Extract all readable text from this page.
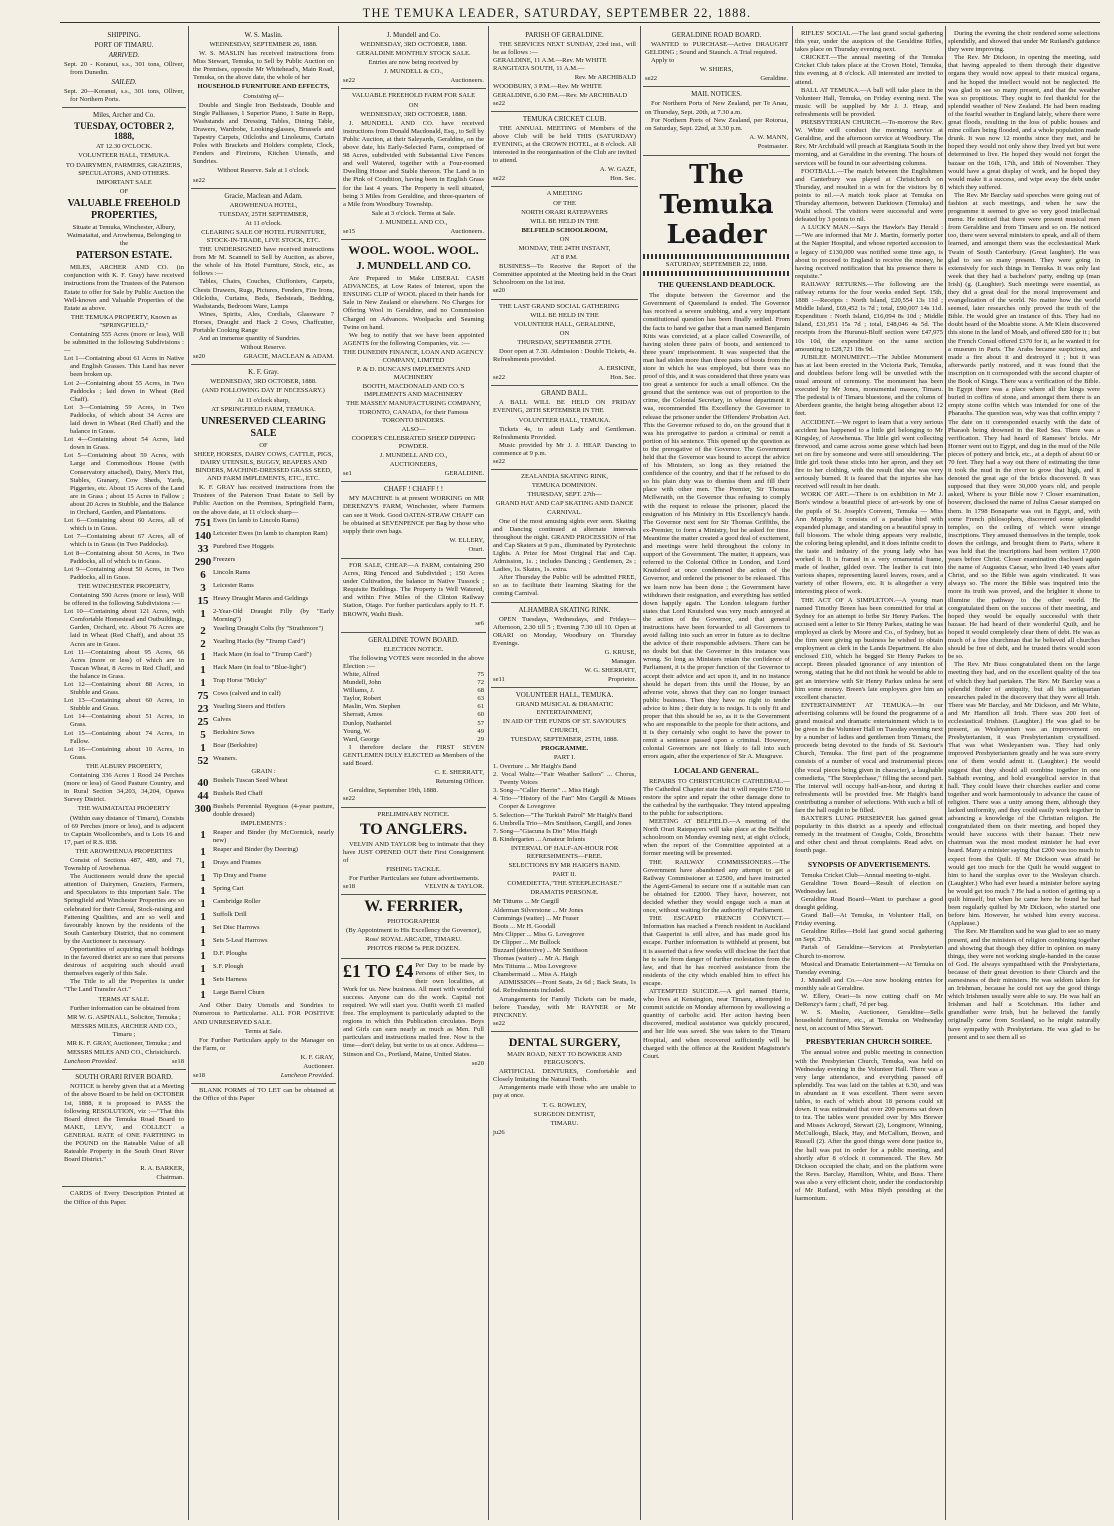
THE TEMUKA LEADER, SATURDAY, SEPTEMBER 22, 1888.
SHIPPING.
PORT OF TIMARU.
ARRIVED.

Sept. 20 - Koranui, s.s., 301 tons, Olliver, from Dunedin.

SAILED.

Sept. 20—Koranui, s.s., 301 tons, Olliver, for Northern Ports.

Miles, Archer and Co.
TUESDAY, OCTOBER 2, 1888,
AT 12.30 O'CLOCK.
VOLUNTEER HALL, TEMUKA.
TO DAIRYMEN, FARMERS, GRAZIERS, SPECULATORS, AND OTHERS.
IMPORTANT SALE
OF
VALUABLE FREEHOLD PROPERTIES,
Situate at Temuka, Winchester, Albury, Waimataitai, and Arowhenua, Belonging to the
PATERSON ESTATE.

MILES, ARCHER AND CO. (in conjunction with K. F. Gray) have received instructions from the Trustees of the Paterson Estate to offer for Sale by Public Auction the Well-known and Valuable Properties of the Estate as above.

THE TEMUKA PROPERTY, Known as "SPRINGFIELD,"

Containing 555 Acres (more or less), Will be submitted in the following Subdivisions :—

Lot 1—Containing about 61 Acres in Native and English Grasses. This Land has never been broken up.

Lot 2—Containing about 55 Acres, in Two Paddocks ; laid down in Wheat (Red Chaff).

Lot 3—Containing 59 Acres, in Two Paddocks, of which about 34 Acres are laid down in Wheat (Red Chaff) and the balance in Grass.

Lot 4—Containing about 54 Acres, laid down in Grass.

Lot 5—Containing about 59 Acres, with Large and Commodious House (with Conservatory attached), Dairy, Men's Hut, Stables, Granary, Cow Sheds, Yards, Piggeries, etc. About 15 Acres of the Land are in Grass ; about 15 Acres in Fallow ; about 20 Acres in Stubble, and the Balance in Orchard, Garden, and Plantations.

Lot 6—Containing about 60 Acres, all of which is in Grass.

Lot 7—Containing about 67 Acres, all of which is in Grass (in Two Paddocks).

Lot 8—Containing about 50 Acres, in Two Paddocks, all of which is in Grass.

Lot 9—Containing about 50 Acres, in Two Paddocks, all in Grass.

THE WINCHESTER PROPERTY,

Containing 590 Acres (more or less), Will be offered in the following Subdivisions :—

Lot 10—Containing about 121 Acres, with Comfortable Homestead and Outbuildings, Garden, Orchard, etc. About 76 Acres are laid in Wheat (Red Chaff), and about 35 Acres are in Grass.

Lot 11—Containing about 95 Acres, 66 Acres (more or less) of which are in Tuscan Wheat, 8 Acres in Red Chaff, and the balance in Grass.

Lot 12—Containing about 88 Acres, in Stubble and Grass.

Lot 13—Containing about 60 Acres, in Stubble and Grass.

Lot 14—Containing about 51 Acres, in Grass.

Lot 15—Containing about 74 Acres, in Fallow.

Lot 16—Containing about 10 Acres, in Grass.

THE ALBURY PROPERTY,

Containing 336 Acres 1 Rood 24 Perches (more or less) of Good Pasture Country, and in Rural Section 34,203, 34,204, Opawa Survey District.

THE WAIMATAITAI PROPERTY

(Within easy distance of Timaru), Consists of 69 Perches (more or less), and is adjacent to Captain Woollcombe's, and is Lots 16 and 17, part of R.S. 838.

THE AROWHENUA PROPERTIES

Consist of Sections 487, 489, and 71, Township of Arowhenua.

The Auctioneers would draw the special attention of Dairymen, Graziers, Farmers, and Speculators to this important Sale. The Springfield and Winchester Properties are so celebrated for their Cereal, Stock-raising and Fattening Qualities, and are so well and favourably known by the residents of the South Canterbury District, that no comment by the Auctioneer is necessary.

Opportunities of acquiring small holdings in the favored district are so rare that persons desirous of acquiring such should avail themselves eagerly of this Sale.

The Title to all the Properties is under "The Land Transfer Act."

TERMS AT SALE.

Further information can be obtained from

MR W. G. ASPINALL, Solicitor, Temuka ;
MESSRS MILES, ARCHER AND CO., Timaru ;
MR K. F. GRAY, Auctioneer, Temuka ; and
MESSRS MILES AND CO., Christchurch.
Luncheon Provided.	se18
SOUTH ORARI RIVER BOARD.

NOTICE is hereby given that at a Meeting of the above Board to be held on OCTOBER 1st, 1888, it is proposed to PASS the following RESOLUTION, viz :—"That this Board direct the Temuka Road Board to MAKE, LEVY, and COLLECT a GENERAL RATE of ONE FARTHING in the POUND on the Rateable Value of all Rateable Property in the South Orari River Board District."

R. A. BARKER,
Chairman.

CARDS of Every Description Printed at the Office of this Paper.

W. S. Maslin.
WEDNESDAY, SEPTEMBER 26, 1888.

W. S. MASLIN has received instructions from Miss Stewart, Temuka, to Sell by Public Auction on the Premises, opposite Mr Whitehead's, Main Road, Temuka, on the above date, the whole of her

HOUSEHOLD FURNITURE AND EFFECTS,
Consisting of—

Double and Single Iron Bedsteads, Double and Single Palliasses, 1 Superior Piano, 1 Suite in Repp, Washstands and Dressing Tables, Dining Table, Drawers, Wardrobe, Looking-glasses, Brussels and Tapestry Carpets, Oilcloths and Linoleums, Curtain Poles with Brackets and Holders complete, Clock, Fenders and Fireirons, Kitchen Utensils, and Sundries.

Without Reserve. Sale at 1 o'clock.
se22
Gracie, Maclean and Adam.
AROWHENUA HOTEL,
TUESDAY, 25TH SEPTEMBER,
At 11 o'clock.
CLEARING SALE OF HOTEL FURNITURE, STOCK-IN-TRADE, LIVE STOCK, ETC.

THE UNDERSIGNED have received instructions from Mr M. Scannell to Sell by Auction, as above, the whole of his Hotel Furniture, Stock, etc., as follows :—

Tables, Chairs, Couches, Chiffoniers, Carpets, Chests Drawers, Rugs, Pictures, Fenders, Fire Irons, Oilcloths, Curtains, Beds, Bedsteads, Bedding, Washstands, Bedroom Ware, Lamps

Wines, Spirits, Ales, Cordials, Glassware 7 Horses, Draught and Hack 2 Cows, Chaffcutter, Portable Cooking Range

And an immense quantity of Sundries.

Without Reserve.
se20	GRACIE, MACLEAN & ADAM.
K. F. Gray.
WEDNESDAY, 3RD OCTOBER, 1888.
(AND FOLLOWING DAY IF NECESSARY.)
At 11 o'clock sharp,
AT SPRINGFIELD FARM, TEMUKA.
UNRESERVED CLEARING SALE
OF
SHEEP, HORSES, DAIRY COWS, CATTLE, PIGS, DAIRY UTENSILS, BUGGY, REAPERS AND BINDERS, MACHINE-DRESSED GRASS SEED, AND FARM IMPLEMENTS, ETC., ETC.

K. F. GRAY has received instructions from the Trustees of the Paterson Trust Estate to Sell by Public Auction on the Premises, Springfield Farm, on the above date, at 11 o'clock sharp—

751 Ewes (in lamb to Lincoln Rams)
140 Leicester Ewes (in lamb to champion Ram)
33 Purebred Ewe Hoggets
290 Freezers
6	Lincoln Rams
3	Leicester Rams
15 Heavy Draught Mares and Geldings
1	2-Year-Old Draught Filly (by "Early Morning")
2	Yearling Draught Colts (by "Strathmore")
2	Yearling Hacks (by "Trump Card")
1	Hack Mare (in foal to "Trump Card")
1	Hack Mare (in foal to "Blue-light")
1	Trap Horse "Micky"
75 Cows (calved and in calf)
23 Yearling Steers and Heifers
25 Calves
5	Berkshire Sows
1	Boar (Berkshire)
52 Weaners.
GRAIN :
40 Bushels Tuscan Seed Wheat
44 Bushels Red Chaff
300 Bushels Perennial Ryegrass (4-year pasture, double dressed)
IMPLEMENTS :
1	Reaper and Binder (by McCormick, nearly new)
1	Reaper and Binder (by Deering)
1	Drays and Frames
1	Tip Dray and Frame
1	Spring Cart
1	Cambridge Roller
1	Suffolk Drill
1	Set Disc Harrows
1	Sets 5-Leaf Harrows
1	D.F. Ploughs
1	S.F. Plough
1	Sets Harness
1	Large Barrel Churn

And Other Dairy Utensils and Sundries to Numerous to Particularise. ALL FOR POSITIVE AND UNRESERVED SALE.

Terms at Sale.

For Further Particulars apply to the Manager on the Farm, or

K. F. GRAY,
Auctioneer.
se18	Luncheon Provided.

BLANK FORMS of TO LET can be obtained at the Office of this Paper

J. Mundell and Co.
WEDNESDAY, 3RD OCTOBER, 1888.
GERALDINE MONTHLY STOCK SALE.
Entries are now being received by
J. MUNDELL & CO.,
se22	Auctioneers.
VALUABLE FREEHOLD FARM FOR SALE
ON
WEDNESDAY, 3RD OCTOBER, 1888.

J. MUNDELL AND CO. have received instructions from Donald Macdonald, Esq., to Sell by Public Auction, at their Saleyards, Geraldine, on the above date, his Early-Selected Farm, comprised of 98 Acres, subdivided with Substantial Live Fences and well Watered, together with a Four-roomed Dwelling House and Stable thereon. The Land is in the Pink of Condition, having been in English Grass for the last 4 years. The Property is well situated, being 3 Miles from Geraldine, and three-quarters of a Mile from Woodbury Township.

Sale at 3 o'clock. Terms at Sale.
J. MUNDELL AND CO.,
se15	Auctioneers.
WOOL. WOOL. WOOL.
J. MUNDELL AND CO.

Are Prepared to Make LIBERAL CASH ADVANCES, at Low Rates of Interest, upon the ENSUING CLIP of WOOL placed in their hands for Sale in New Zealand or elsewhere. No Charges for Offering Wool in Geraldine, and no Commission Charged on Advances. Woolpacks and Seaming Twine on hand.

We beg to notify that we have been appointed AGENTS for the following Companies, viz. :—

THE DUNEDIN FINANCE, LOAN AND AGENCY COMPANY, LIMITED
P. & D. DUNCAN'S IMPLEMENTS AND MACHINERY
BOOTH, MACDONALD AND CO.'S IMPLEMENTS AND MACHINERY
THE MASSEY MANUFACTURING COMPANY, TORONTO, CANADA, for their Famous TORONTO BINDERS.
ALSO—
COOPER'S CELEBRATED SHEEP DIPPING POWDER.
J. MUNDELL AND CO.,
AUCTIONEERS,
se1	GERALDINE.
CHAFF ! CHAFF ! !

MY MACHINE is at present WORKING on MR DERENZY'S FARM, Winchester, where Farmers can see it Work. Good OATEN-STRAW CHAFF can be obtained at SEVENPENCE per Bag by those who supply their own bags.

W. ELLERY,
Orari.

FOR SALE, CHEAP.—A FARM, containing 290 Acres, Ring Fenced and Subdivided ; 150 Acres under Cultivation, the balance in Native Tussock ; Requisite Buildings. The Property is Well Watered, and within Five Miles of the Clinton Railway Station, Otago. For further particulars apply to H. F. BROWN, Waihi Bush.

se6
GERALDINE TOWN BOARD.
ELECTION NOTICE.

The following VOTES were recorded in the above Election :—

White, Alfred	75
Mundell, John	72
Williams, J.	68
Taylor, Robert	63
Maslin, Wm. Stephen	61
Sherratt, Amos	60
Dunlop, Nathaniel	57
Young, W.	49
Ward, George	29

I therefore declare the FIRST SEVEN GENTLEMEN DULY ELECTED as Members of the said Board.

C. E. SHERRATT,
Returning Officer.

Geraldine, September 19th, 1888.

se22
PRELIMINARY NOTICE.
TO ANGLERS.

VELVIN AND TAYLOR beg to intimate that they have JUST OPENED OUT their First Consignment of

FISHING TACKLE.

For Further Particulars see future advertisements.

se18	VELVIN & TAYLOR.
W. FERRIER,
PHOTOGRAPHER
(By Appointment to His Excellency the Governor),
Ross' ROYAL ARCADE, TIMARU.
PHOTOS FROM 5s PER DOZEN.
£1 TO £4 Per Day to be made by Persons of either Sex, in their own localities, at Work for us. New business. All meet with wonderful success. Anyone can do the work. Capital not required. We will start you. Outfit worth £1 mailed free. The employment is particularly adapted to the regions in which this Publication circulates. Boys and Girls can earn nearly as much as Men. Full particulars and instructions mailed free. Now is the time—don't delay, but write to us at once. Address—Stinson and Co., Portland, Maine, United States.

se20
PARISH OF GERALDINE.

THE SERVICES NEXT SUNDAY, 23rd inst., will be as follows :—

GERALDINE, 11 A.M.—Rev. Mr WHITE
RANGITATA SOUTH, 11 A.M.—
Rev. Mr ARCHIBALD
WOODBURY, 3 P.M.—Rev. Mr WHITE
GERALDINE, 6.30 P.M.—Rev. Mr ARCHIBALD
se22
TEMUKA CRICKET CLUB.

THE ANNUAL MEETING of Members of the above Club will be held THIS (SATURDAY) EVENING, at the CROWN HOTEL, at 8 o'clock. All interested in the reorganisation of the Club are invited to attend.

A. W. GAZE,
se22	Hon. Sec.
A MEETING
OF THE
NORTH ORARI RATEPAYERS
WILL BE HELD IN THE
BELFIELD SCHOOLROOM,
ON
MONDAY, THE 24TH INSTANT,
AT 8 P.M.

BUSINESS—To Receive the Report of the Committee appointed at the Meeting held in the Orari Schoolroom on the 1st inst.

se20

THE LAST GRAND SOCIAL GATHERING

WILL BE HELD IN THE
VOLUNTEER HALL, GERALDINE,
ON
THURSDAY, SEPTEMBER 27TH.

Door open at 7.30. Admission : Double Tickets, 4s. Refreshments provided.

A. ERSKINE,
se22	Hon. Sec.
GRAND BALL.

A BALL WILL BE HELD ON FRIDAY EVENING, 28TH SEPTEMBER IN THE

VOLUNTEER HALL, TEMUKA.

Tickets 4s, to admit Lady and Gentleman. Refreshments Provided.

Music provided by Mr J. J. HEAP. Dancing to commence at 9 p.m.

se22
ZEALANDIA SKATING RINK,
TEMUKA DOMINION.
THURSDAY, SEPT. 27th—
GRAND HAT AND CAP SKATING AND DANCE CARNIVAL.

One of the most amusing sights ever seen. Skating and Dancing continued at alternate intervals throughout the night. GRAND PROCESSION of Hat and Cap Skaters at 9 p.m., illuminated by Pyrotechnic Lights. A Prize for Most Original Hat and Cap. Admission, 1s. ; includes Dancing ; Gentlemen, 2s ; Ladies, 1s. Skates, 1s. extra.

After Thursday the Public will be admitted FREE, so as to facilitate their learning Skating for the coming Carnival.

ALHAMBRA SKATING RINK.

OPEN Tuesdays, Wednesdays, and Fridays—Afternoon, 2.30 till 5 ; Evening 7.30 till 10. Open at ORARI on Monday, Woodbury on Thursday Evenings.

G. KRUSE,
Manager.
W. G. SHERRATT,
se11	Proprietor.
VOLUNTEER HALL, TEMUKA.
GRAND MUSICAL & DRAMATIC ENTERTAINMENT,
IN AID OF THE FUNDS OF ST. SAVIOUR'S CHURCH,
TUESDAY, SEPTEMBER, 25TH, 1888.
PROGRAMME.
PART I.

1. Overture ... Mr Haigh's Band

2. Vocal Waltz—"Fair Weather Sailors" ... Chorus, Twenty Voices

3. Song—"Caller Herrin" ... Miss Haigh

4. Trio—"History of the Fan" Mrs Cargill & Misses Cooper & Lovegrove

5. Selection—"The Turkish Patrol" Mr Haigh's Band

6. Umbrella Trio—Mrs Smithson, Cargill, and Jones

7. Song—"Giacuna Is Dio" Miss Haigh

8. Kindergarten ... Amateur Infants

INTERVAL OF HALF-AN-HOUR FOR REFRESHMENTS—FREE.
SELECTIONS BY MR HAIGH'S BAND.
PART II.
COMEDIETTA,"THE STEEPLECHASE."
DRAMATIS PERSONÆ.

Mr Tittums ... Mr Cargill

Alderman Silverstone ... Mr Jones

Cummings (waiter) ... Mr Fraser

Boots ... Mr H. Goodall

Mrs Clipper ... Miss G. Lovegrove

Dr Clipper ... Mr Bullock

Buzzard (detective) ... Mr Smithson

Thomas (waiter) ... Mr A. Haigh

Mrs Tittums ... Miss Lovegrove

Chambermaid ... Miss A. Haigh

ADMISSION—Front Seats, 2s 6d ; Back Seats, 1s 6d. Refreshments included.

Arrangements for Family Tickets can be made, before Tuesday, with Mr RAYNER or Mr PINCKNEY.

se22
DENTAL SURGERY,
MAIN ROAD, NEXT TO BOWKER AND FERGUSON'S.

ARTIFICIAL DENTURES, Comfortable and Closely Imitating the Natural Teeth.

Arrangements made with those who are unable to pay at once.

T. G. ROWLEY,
SURGEON DENTIST,
TIMARU.
ju26
GERALDINE ROAD BOARD.

WANTED to PURCHASE—Active DRAUGHT GELDING ; Sound and Staunch. A Trial required.

Apply to

W. SHIERS,
se22	Geraldine.
MAIL NOTICES.

For Northern Ports of New Zealand, per Te Anau, on Thursday, Sept. 20th, at 7.30 a.m.

For Northern Ports of New Zealand, per Rotorua, on Saturday, Sept. 22nd, at 3.30 p.m.

A. W. MANN,
Postmaster.
The Temuka Leader
SATURDAY, SEPTEMBER 22, 1888.
THE QUEENSLAND DEADLOCK.

The dispute between the Governor and the Government of Queensland is ended. The Governor has received a severe snubbing, and a very important constitutional question has been finally settled. From the facts to hand we gather that a man named Benjamin Kitts was convicted, at a place called Cowraville, of having stolen three pairs of boots, and sentenced to three years' imprisonment. It was suspected that the man had stolen more than three pairs of boots from the store in which he was employed, but there was no proof of this, and it was considered that three years was too great a sentence for such a small offence. On the ground that the sentence was out of proportion to the crime, the Colonial Secretary, in whose department it was, recommended His Excellency the Governor to release the prisoner under the Offenders' Probation Act. This the Governor refused to do, on the ground that it was his prerogative to pardon a criminal or remit a portion of his sentence. This opened up the question as to the prerogative of the Governor. The Government held that the Governor was bound to accept the advice of his Ministers, so long as they retained the confidence of the country, and that if he refused to do so his plain duty was to dismiss them and fill their place with other men. The Premier, Sir Thomas McIlwraith, on the Governor thus refusing to comply with the request to release the prisoner, placed the resignation of his Ministry in His Excellency's hands. The Governor next sent for Sir Thomas Griffiths, the ex-Premier, to form a Ministry, but he asked for time. Meantime the matter created a good deal of excitement, and meetings were held throughout the colony in support of the Government. The matter, it appears, was referred to the Colonial Office in London, and Lord Knutsford at once condemned the action of the Governor, and ordered the prisoner to be released. This we learn now has been done ; the Government have withdrawn their resignation, and everything has settled down happily again. The London telegram further states that Lord Knutsford was very much annoyed at the action of the Governor, and that general instructions have been forwarded to all Governors to avoid falling into such an error in future as to decline the advice of their responsible advisers. There can be no doubt but that the Governor in this instance was wrong. So long as Ministers retain the confidence of Parliament, it is the proper function of the Governor to accept their advice and act upon it, and in no instance should he depart from this until the House, by an adverse vote, shows that they can no longer transact public business. Then they have no right to tender advice to him ; their duty is to resign. It is only fit and proper that this should be so, as it is the Government who are responsible to the people for their actions, and it is they certainly who ought to have the power to remit a sentence passed upon a criminal. However, colonial Governors are not likely to fall into such errors again, after the experience of Sir A. Musgrave.

LOCAL AND GENERAL.

REPAIRS TO CHRISTCHURCH CATHEDRAL.—The Cathedral Chapter state that it will require £750 to restore the spire and repair the other damage done to the cathedral by the earthquake. They intend appealing to the public for subscriptions.

MEETING AT BELFIELD.—A meeting of the North Orari Ratepayers will take place at the Belfield schoolroom on Monday evening next, at eight o'clock, when the report of the Committee appointed at a former meeting will be presented.

THE RAILWAY COMMISSIONERS.—The Government have abandoned any attempt to get a Railway Commissioner at £2500, and have instructed the Agent-General to secure one if a suitable man can be obtained for £2000. They have, however, not decided whether they would engage such a man at once, without waiting for the authority of Parliament.

THE ESCAPED FRENCH CONVICT.—Information has reached a French resident in Auckland that Gasperini is still alive, and has made good his escape. Further information is withheld at present, but it is asserted that a few weeks will disclose the fact that he is safe from danger of further molestation from the law, and that he has received assistance from the residents of the city which enabled him to effect his escape.

ATTEMPTED SUICIDE.—A girl named Harris, who lives at Kensington, near Timaru, attempted to commit suicide on Monday afternoon by swallowing a quantity of carbolic acid. Her action having been discovered, medical assistance was quickly procured, and her life was saved. She was taken to the Timaru Hospital, and when recovered sufficiently will be charged with the offence at the Resident Magistrate's Court.

RIFLES' SOCIAL.—The last grand social gathering this year, under the auspices of the Geraldine Rifles, takes place on Thursday evening next.

CRICKET.—The annual meeting of the Temuka Cricket Club takes place at the Crown Hotel, Temuka, this evening, at 8 o'clock. All interested are invited to attend.

BALL AT TEMUKA.—A ball will take place in the Volunteer Hall, Temuka, on Friday evening next. The music will be supplied by Mr J. J. Heap, and refreshments will be provided.

PRESBYTERIAN CHURCH.—To-morrow the Rev. W. White will conduct the morning service at Geraldine, and the afternoon service at Woodbury. The Rev. Mr Archibald will preach at Rangitata South in the morning, and at Geraldine in the evening. The hours of services will be found in our advertising columns.

FOOTBALL.—The match between the Englishmen and Canterbury was played at Christchurch on Thursday, and resulted in a win for the visitors by 8 points to nil.—A match took place at Temuka on Thursday afternoon, between Darktown (Temuka) and Waihi school. The visitors were successful and were defeated by 3 points to nil.

A LUCKY MAN.—Says the Hawke's Bay Herald :—"We are informed that Mr J. Martin, formerly porter at the Napier Hospital, and whose reported accession to a legacy of £130,000 was notified some time ago, is about to proceed to England to receive the money, he having received notification that his presence there is requisite."

RAILWAY RETURNS.—The following are the railway returns for the four weeks ended Sept. 15th, 1888 :—Receipts : North Island, £20,554 13s 11d ; Middle Island, £69,452 1s 7d ; total, £90,007 14s 11d. Expenditure : North Island, £16,094 8s 10d ; Middle Island, £31,951 15s 7d ; total, £48,046 4s 5d. The receipts from the Hurunui-Bluff section were £47,975 10s 10d, the expenditure on the same section amounting to £28,721 18s 9d.

JUBILEE MONUMENT.—The Jubilee Monument has at last been erected in the Victoria Park, Temuka, and doubtless before long will be unveiled with the usual amount of ceremony. The monument has been executed by Mr Jones, monumental mason, Timaru. The pedestal is of Timaru bluestone, and the column of Aberdeen granite, the height being altogether about 12 feet.

ACCIDENT.—We regret to learn that a very serious accident has happened to a little girl belonging to Mr Kingsley, of Arowhenua. The little girl went collecting firewood, and came across some gorse which had been set on fire by someone and were still smouldering. The little girl took these sticks into her apron, and they set fire to her clothing, with the result that she was very seriously burned. It is feared that the injuries she has received will result in her death.

WORK OF ART.—There is on exhibition in Mr J. Bon's window a beautiful piece of art-work by one of the pupils of St. Joseph's Convent, Temuka — Miss Ann Murphy. It consists of a paradise bird with expanded plumage, and standing on a beautiful spray in full blossom. The whole thing appears very realistic, the coloring being splendid, and it does infinite credit to the taste and industry of the young lady who has worked it. It is framed in a very ornamental frame, made of leather, gilded over. The leather is cut into various shapes, representing laurel leaves, roses, and a variety of other flowers, etc. It is altogether a very interesting piece of work.

THE ACT OF A SIMPLETON.—A young man named Timothy Breen has been committed for trial at Sydney for an attempt to bribe Sir Henry Parkes. The accused sent a letter to Sir Henry Parkes, stating he was employed as clerk by Moore and Co., of Sydney, but as the firm were giving up business he wished to obtain employment as clerk in the Lands Department. He also enclosed £10, which he begged Sir Henry Parkes to accept. Breen pleaded ignorance of any intention of wrong, stating that he did not think he would be able to get an interview with Sir Henry Parkes unless he sent him some money. Breen's late employers give him an excellent character.

ENTERTAINMENT AT TEMUKA.—In our advertising columns will be found the programme of a grand musical and dramatic entertainment which is to be given in the Volunteer Hall on Tuesday evening next by a number of ladies and gentlemen from Timaru, the proceeds being devoted to the funds of St. Saviour's Church, Temuka. The first part of the programme consists of a number of vocal and instrumental pieces (the vocal pieces being given in character), a laughable comedietta, "The Steeplechase," filling the second part. The interval will occupy half-an-hour, and during it refreshments will be provided free. Mr Haigh's band contributing a number of selections. With such a bill of fare the hall ought to be filled.

BAXTER'S LUNG PRESERVER has gained great popularity in this district as a speedy and effectual remedy in the treatment of Coughs, Colds, Bronchitis and other chest and throat complaints. Read advt. on fourth page.

SYNOPSIS OF ADVERTISEMENTS.

Temuka Cricket Club—Annual meeting to-night.

Geraldine Town Board—Result of election on Wednesday last.

Geraldine Road Board—Want to purchase a good draught gelding.

Grand Ball—At Temuka, in Volunteer Hall, on Friday evening.

Geraldine Rifles—Hold last grand social gathering on Sept. 27th.

Parish of Geraldine—Services at Presbyterian Church to-morrow.

Musical and Dramatic Entertainment—At Temuka on Tuesday evening.

J. Mundell and Co.—Are now booking entries for monthly sale at Geraldine.

W. Ellery, Orari—Is now cutting chaff on Mr DeRenzy's farm ; chaff, 7d per bag.

W. S. Maslin, Auctioneer, Geraldine—Sells household furniture, etc., at Temuka on Wednesday next, on account of Miss Stewart.

PRESBYTERIAN CHURCH SOIREE.

The annual soiree and public meeting in connection with the Presbyterian Church, Temuka, was held on Wednesday evening in the Volunteer Hall. There was a very large attendance, and everything passed off splendidly. Tea was laid on the tables at 6.30, and was in abundant as it was excellent. There were seven tables, to each of which about 18 persons could sit down. It was estimated that over 200 persons sat down to tea. The tables were presided over by Mrs Brewer and Misses Ackroyd, Stewart (2), Longmore, Winning, McCullough, Black, Hay, and McCallum, Brown, and Russell (2). After the good things were done justice to, the hall was put in order for a public meeting, and shortly after 8 o'clock it commenced. The Rev. Mr Dickson occupied the chair, and on the platform were the Revs. Barclay, Hamilton, White, and Buss. There was also a very efficient choir, under the conductorship of Mr Rutland, with Miss Blyth presiding at the harmonium.

During the evening the choir rendered some selections splendidly, and showed that under Mr Rutland's guidance they were improving.

The Rev. Mr Dickson, in opening the meeting, said that having appealed to them through their digestive organs they would now appeal to their musical organs, and he hoped the intellect would not be neglected. He was glad to see so many present, and that the weather was so propitious. They ought to feel thankful for the splendid weather of New Zealand. He had been reading of the fearful weather in England lately, where there were great floods, resulting in the loss of public houses and mine collars being flooded, and a whole population made drunk. It was now 12 months since they met, and he hoped they would not only show they lived yet but were determined to live. He hoped they would not forget the bazaar on the 16th, 17th, and 18th of November. They would have a great display of work, and he hoped they would make it a success, and wipe away the debt under which they suffered.

The Rev. Mr Barclay said speeches were going out of fashion at such meetings, and when he saw the programme it seemed to give so very good intellectual menu. He noticed that there were present musical men from Geraldine and from Timaru and so on. He noticed too, there were several ministers to speak, and all of them learned, and amongst them was the ecclesiastical Mark Twain of South Canterbury. (Great laughter). He was glad to see so many present. They were going in extensively for such things in Temuka. It was only last week that they had a bachelors' party, ending up (man Irish) (g. (Laughter). Such meetings were essential, as they did a great deal for the moral improvement and evangelization of the world. No matter how the world seemed, later researches only proved the truth of the Bible. He would give an instance of this. They had no doubt heard of the Moabite stone. A Mr Klein discovered this stone in the land of Moab, and offered £80 for it ; but the French Consul offered £370 for it, as he wanted it for a museum in Paris. The Arabs became suspicious, and made a fire about it and destroyed it ; but it was afterwards partly restored, and it was found that the inscription on it corresponded with the second chapter of the Book of Kings. There was a verification of the Bible. In Egypt there was a place where all the kings were buried in coffins of stone, and amongst them there is an empty stone coffin which was intended for one of the Pharaohs. The question was, why was that coffin empty ? The date on it corresponded exactly with the date of Pharaoh being drowned in the Red Sea. There was a verification. They had heard of Rameses' bricks. Mr Horner went out to Egypt, and dug in the mud of the Nile pieces of pottery and brick, etc., at a depth of about 60 or 70 feet. They had a way out there of estimating the time it took the mud in the river to grow that high, and it denoted the great age of the bricks discovered. It was supposed that they were 30,000 years old, and people asked, Where is your Bible now ? Closer examination, however, disclosed the name of Julius Caesar stamped on them. In 1798 Bonaparte was out in Egypt, and, with some French philosophers, discovered some splendid temples, on the ceiling of which were strange inscriptions. They amused themselves in the temple, took down the ceilings, and brought them to Paris, where it was held that the inscriptions had been written 17,000 years before Christ. Closer examination disclosed again the name of Augustus Caesar, who lived 140 years after Christ, and so the Bible was again vindicated. It was always so. The more the Bible was inquired into the more its truth was proved, and the brighter it shone to illumine the pathway to the other world. He congratulated them on the success of their meeting, and hoped they would be equally successful with their bazaar. He had heard of their wonderful Quilt, and he hoped it would completely clear them of debt. He was as much of a free churchman that he believed all churches should be free of debt, and he trusted theirs would soon be so.

The Rev. Mr Buss congratulated them on the large meeting they had, and on the excellent quality of the tea of which they had partaken. The Rev. Mr Barclay was a splendid finder of antiquity, but all his antiquarian researches paled in the discovery that they were all Irish. There was Mr Barclay, and Mr Dickson, and Mr White, and Mr Hamilton all Irish. There was 200 feet of ecclesiastical Irishism. (Laughter.) He was glad to be present, as Wesleyanism was an improvement on Presbyterianism, it was Presbyterianism crystallised. That was what Wesleyanism was. They had only improved Presbyterianism greatly and he was sure every one of them would admit it. (Laughter.) He would suggest that they should all combine together in one Sabbath evening, and hold evangelical service in that hall. They could leave their churches earlier and come together and work harmoniously to advance the cause of religion. There was a unity among them, although they lacked uniformity, and they could easily work together in advancing a knowledge of the Christian religion. He congratulated them on their meeting, and hoped they would have success with their bazaar. Their new chairman was the most modest minister he had ever heard. Many a minister saying that £200 was too much to expect from the Quilt. If Mr Dickson was afraid he would get too much for the Quilt he would suggest to him to hand the surplus over to the Wesleyan church. (Laughter.) Who had ever heard a minister before saying he would get too much ? He had a notion of getting up a quilt himself, but when he came here he found he had been regularly quilted by Mr Dickson, who started one before him. However, he wished him every success. (Applause.)

The Rev. Mr Hamilton said he was glad to see so many present, and the ministers of religion combining together and showing that though they differ in opinion on many things, they were not working single-handed in the cause of God. He always sympathised with the Presbyterians, because of their great devotion to their Church and the earnestness of their ministers. He was seldom taken for an Irishman, because he could not say the good things which Irishmen usually were able to say. He was half an Irishman and half a Scotchman. His father and grandfather were Irish, but he believed the family originally came from Scotland, so he might naturally have sympathy with Presbyterians. He was glad to be present and to see them all so
